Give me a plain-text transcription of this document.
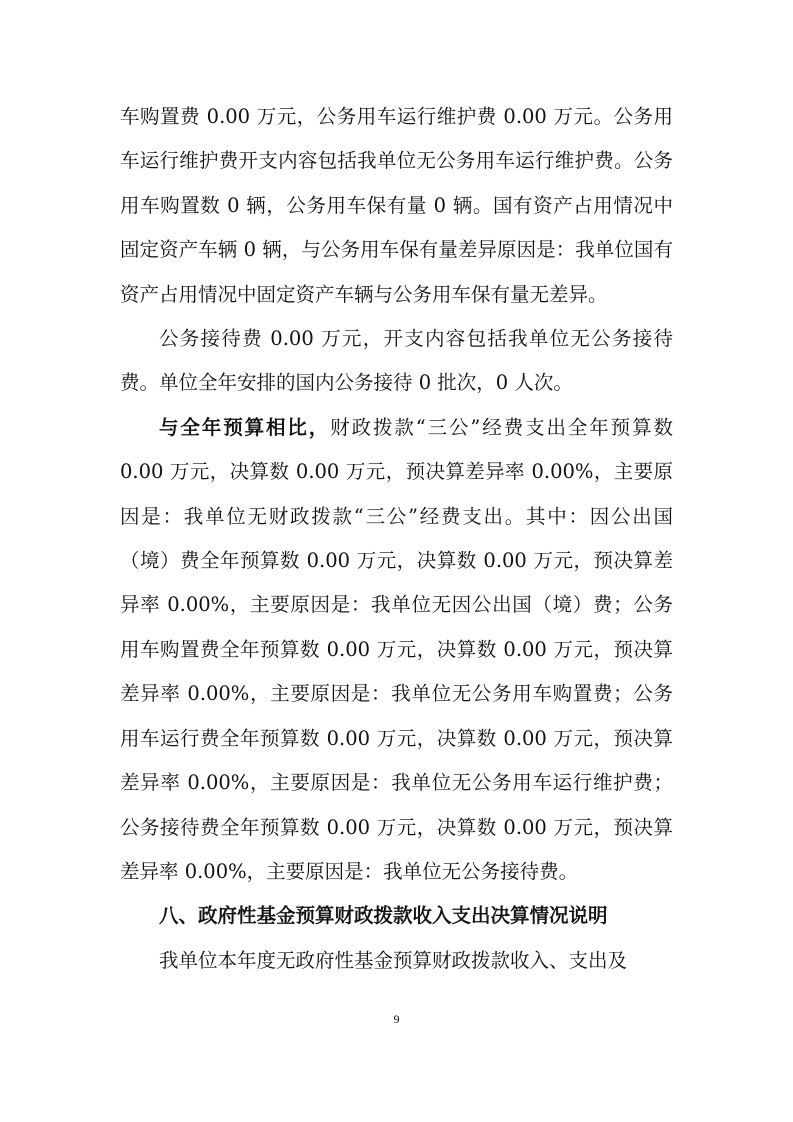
车购置费 0.00 万元，公务用车运行维护费 0.00 万元。公务用车运行维护费开支内容包括我单位无公务用车运行维护费。公务用车购置数 0 辆，公务用车保有量 0 辆。国有资产占用情况中固定资产车辆 0 辆，与公务用车保有量差异原因是：我单位国有资产占用情况中固定资产车辆与公务用车保有量无差异。

公务接待费 0.00 万元，开支内容包括我单位无公务接待费。单位全年安排的国内公务接待 0 批次，0 人次。

与全年预算相比，财政拨款“三公”经费支出全年预算数 0.00 万元，决算数 0.00 万元，预决算差异率 0.00%，主要原因是：我单位无财政拨款“三公”经费支出。其中：因公出国（境）费全年预算数 0.00 万元，决算数 0.00 万元，预决算差异率 0.00%，主要原因是：我单位无因公出国（境）费；公务用车购置费全年预算数 0.00 万元，决算数 0.00 万元，预决算差异率 0.00%，主要原因是：我单位无公务用车购置费；公务用车运行费全年预算数 0.00 万元，决算数 0.00 万元，预决算差异率 0.00%，主要原因是：我单位无公务用车运行维护费；公务接待费全年预算数 0.00 万元，决算数 0.00 万元，预决算差异率 0.00%，主要原因是：我单位无公务接待费。

八、政府性基金预算财政拨款收入支出决算情况说明

我单位本年度无政府性基金预算财政拨款收入、支出及

9
